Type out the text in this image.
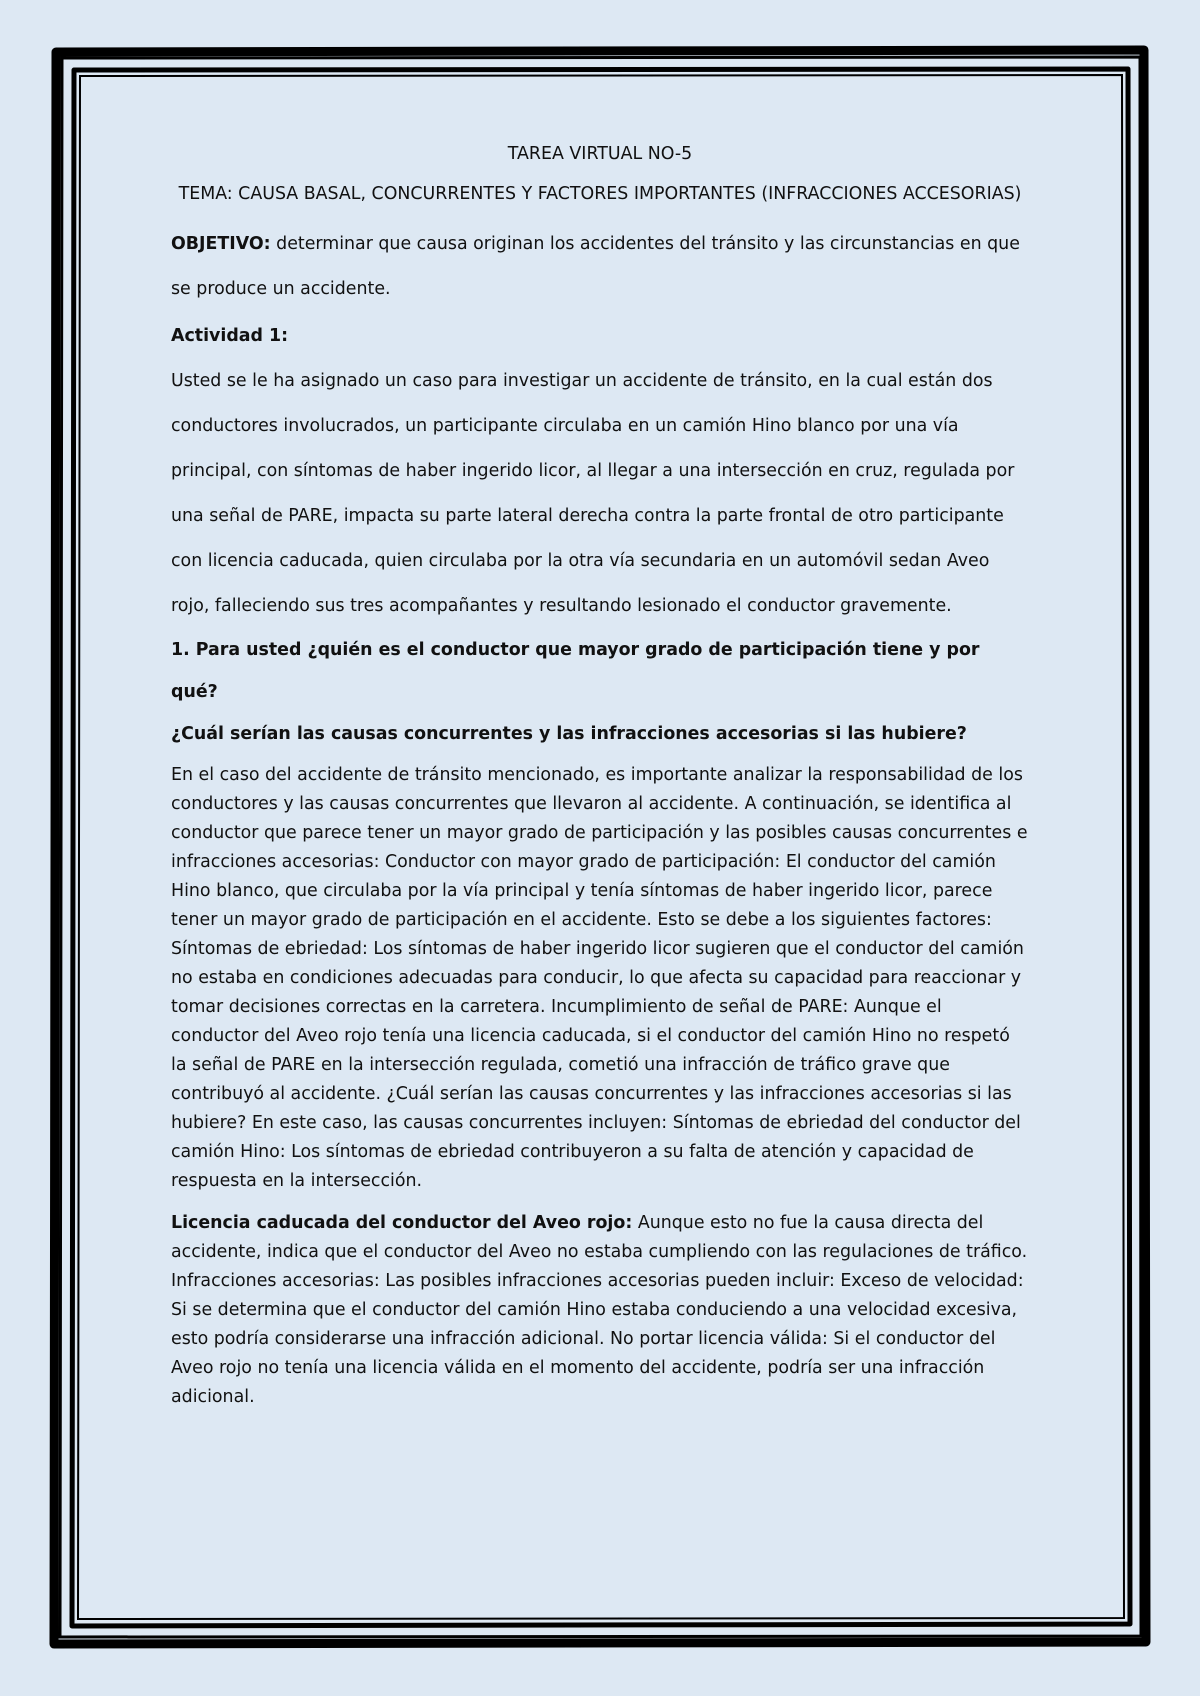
TAREA VIRTUAL NO-5

TEMA: CAUSA BASAL, CONCURRENTES Y FACTORES IMPORTANTES (INFRACCIONES ACCESORIAS)

OBJETIVO: determinar que causa originan los accidentes del tránsito y las circunstancias en que se produce un accidente.

Actividad 1:

Usted se le ha asignado un caso para investigar un accidente de tránsito, en la cual están dos conductores involucrados, un participante circulaba en un camión Hino blanco por una vía principal, con síntomas de haber ingerido licor, al llegar a una intersección en cruz, regulada por una señal de PARE, impacta su parte lateral derecha contra la parte frontal de otro participante con licencia caducada, quien circulaba por la otra vía secundaria en un automóvil sedan Aveo rojo, falleciendo sus tres acompañantes y resultando lesionado el conductor gravemente.

1. Para usted ¿quién es el conductor que mayor grado de participación tiene y por qué?

¿Cuál serían las causas concurrentes y las infracciones accesorias si las hubiere?

En el caso del accidente de tránsito mencionado, es importante analizar la responsabilidad de los conductores y las causas concurrentes que llevaron al accidente. A continuación, se identifica al conductor que parece tener un mayor grado de participación y las posibles causas concurrentes e infracciones accesorias: Conductor con mayor grado de participación: El conductor del camión Hino blanco, que circulaba por la vía principal y tenía síntomas de haber ingerido licor, parece tener un mayor grado de participación en el accidente. Esto se debe a los siguientes factores: Síntomas de ebriedad: Los síntomas de haber ingerido licor sugieren que el conductor del camión no estaba en condiciones adecuadas para conducir, lo que afecta su capacidad para reaccionar y tomar decisiones correctas en la carretera. Incumplimiento de señal de PARE: Aunque el conductor del Aveo rojo tenía una licencia caducada, si el conductor del camión Hino no respetó la señal de PARE en la intersección regulada, cometió una infracción de tráfico grave que contribuyó al accidente. ¿Cuál serían las causas concurrentes y las infracciones accesorias si las hubiere? En este caso, las causas concurrentes incluyen: Síntomas de ebriedad del conductor del camión Hino: Los síntomas de ebriedad contribuyeron a su falta de atención y capacidad de respuesta en la intersección.

Licencia caducada del conductor del Aveo rojo: Aunque esto no fue la causa directa del accidente, indica que el conductor del Aveo no estaba cumpliendo con las regulaciones de tráfico. Infracciones accesorias: Las posibles infracciones accesorias pueden incluir: Exceso de velocidad: Si se determina que el conductor del camión Hino estaba conduciendo a una velocidad excesiva, esto podría considerarse una infracción adicional. No portar licencia válida: Si el conductor del Aveo rojo no tenía una licencia válida en el momento del accidente, podría ser una infracción adicional.
